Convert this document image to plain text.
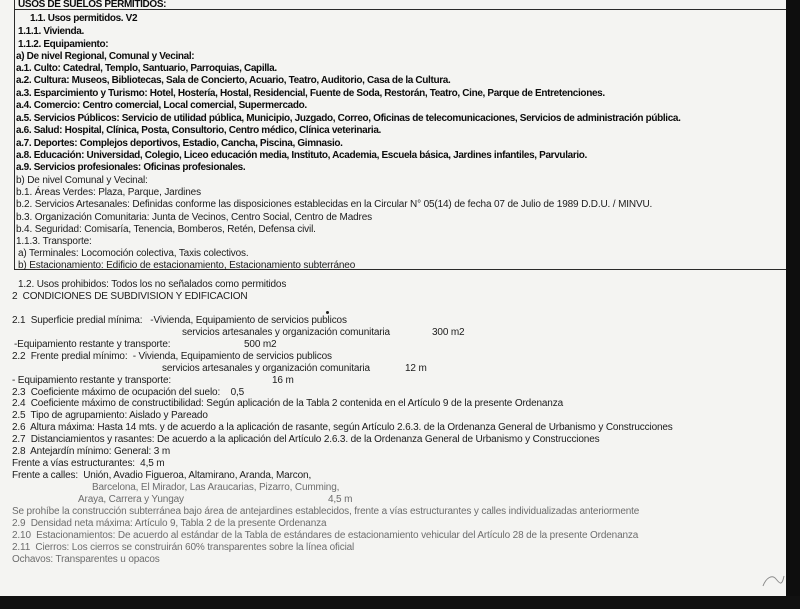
USOS DE SUELOS PERMITIDOS:
1.1. Usos permitidos. V2
1.1.1. Vivienda.
1.1.2. Equipamiento:
a) De nivel Regional, Comunal y Vecinal:
a.1. Culto: Catedral, Templo, Santuario, Parroquias, Capilla.
a.2. Cultura: Museos, Bibliotecas, Sala de Concierto, Acuario, Teatro, Auditorio, Casa de la Cultura.
a.3. Esparcimiento y Turismo: Hotel, Hostería, Hostal, Residencial, Fuente de Soda, Restorán, Teatro, Cine, Parque de Entretenciones.
a.4. Comercio: Centro comercial, Local comercial, Supermercado.
a.5. Servicios Públicos: Servicio de utilidad pública, Municipio, Juzgado, Correo, Oficinas de telecomunicaciones, Servicios de administración pública.
a.6. Salud: Hospital, Clínica, Posta, Consultorio, Centro médico, Clínica veterinaria.
a.7. Deportes: Complejos deportivos, Estadio, Cancha, Piscina, Gimnasio.
a.8. Educación: Universidad, Colegio, Liceo educación media, Instituto, Academia, Escuela básica, Jardines infantiles, Parvulario.
a.9. Servicios profesionales: Oficinas profesionales.
b) De nivel Comunal y Vecinal:
b.1. Áreas Verdes: Plaza, Parque, Jardines
b.2. Servicios Artesanales: Definidas conforme las disposiciones establecidas en la Circular N° 05(14) de fecha 07 de Julio de 1989 D.D.U. / MINVU.
b.3. Organización Comunitaria: Junta de Vecinos, Centro Social, Centro de Madres
b.4. Seguridad: Comisaría, Tenencia, Bomberos, Retén, Defensa civil.
1.1.3. Transporte:
a) Terminales: Locomoción colectiva, Taxis colectivos.
b) Estacionamiento: Edificio de estacionamiento, Estacionamiento subterráneo
1.2. Usos prohibidos: Todos los no señalados como permitidos
2  CONDICIONES DE SUBDIVISION Y EDIFICACION
2.1  Superficie predial mínima:   -Vivienda, Equipamiento de servicios publicos
servicios artesanales y organización comunitaria	300 m2
-Equipamiento restante y transporte:	500 m2
2.2  Frente predial mínimo:  - Vivienda, Equipamiento de servicios publicos
servicios artesanales y organización comunitaria	12 m
- Equipamiento restante y transporte:	16 m
2.3  Coeficiente máximo de ocupación del suelo:    0,5
2.4  Coeficiente máximo de constructibilidad: Según aplicación de la Tabla 2 contenida en el Artículo 9 de la presente Ordenanza
2.5  Tipo de agrupamiento: Aislado y Pareado
2.6  Altura máxima: Hasta 14 mts. y de acuerdo a la aplicación de rasante, según Artículo 2.6.3. de la Ordenanza General de Urbanismo y Construcciones
2.7  Distanciamientos y rasantes: De acuerdo a la aplicación del Artículo 2.6.3. de la Ordenanza General de Urbanismo y Construcciones
2.8  Antejardín mínimo: General: 3 m
Frente a vías estructurantes:  4,5 m
Frente a calles:  Unión, Avadio Figueroa, Altamirano, Aranda, Marcon,
Barcelona, El Mirador, Las Araucarias, Pizarro, Cumming,
Araya, Carrera y Yungay	4,5 m
Se prohíbe la construcción subterránea bajo área de antejardines establecidos, frente a vías estructurantes y calles individualizadas anteriormente
2.9  Densidad neta máxima: Artículo 9, Tabla 2 de la presente Ordenanza
2.10  Estacionamientos: De acuerdo al estándar de la Tabla de estándares de estacionamiento vehicular del Artículo 28 de la presente Ordenanza
2.11  Cierros: Los cierros se construirán 60% transparentes sobre la línea oficial
Ochavos: Transparentes u opacos
